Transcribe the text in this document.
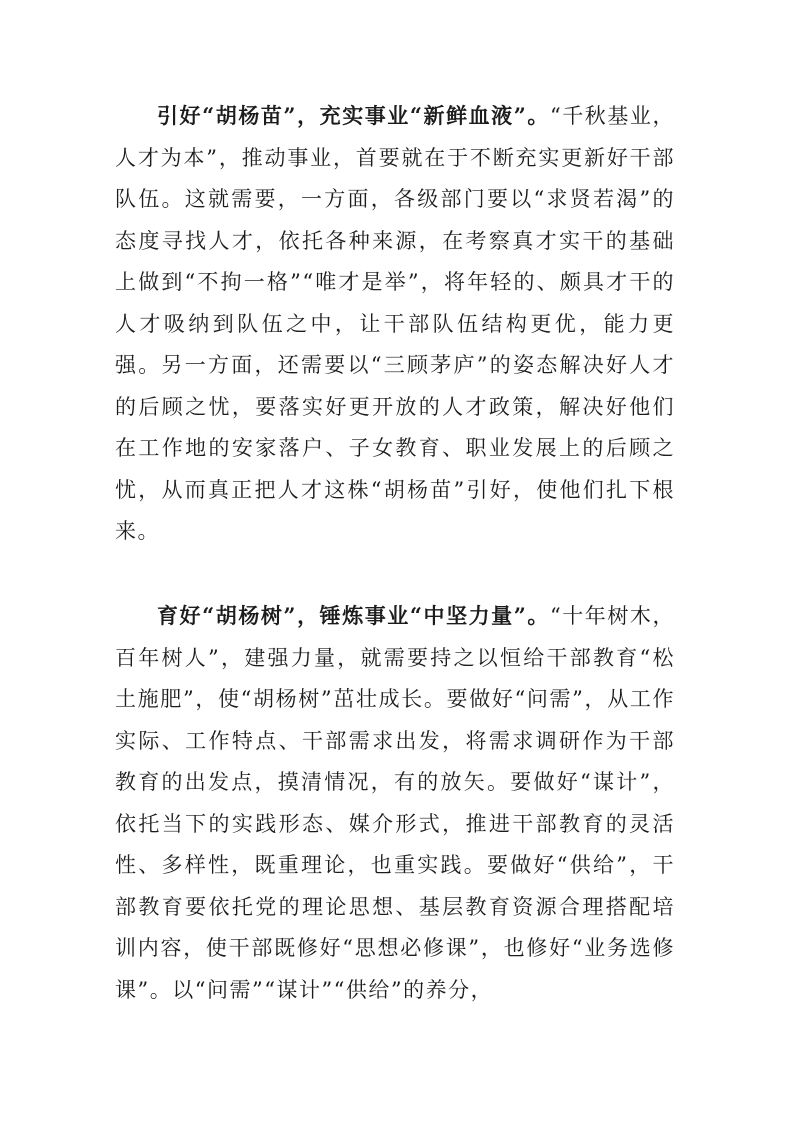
引好“胡杨苗”，充实事业“新鲜血液”。“千秋基业，人才为本”，推动事业，首要就在于不断充实更新好干部队伍。这就需要，一方面，各级部门要以“求贤若渴”的态度寻找人才，依托各种来源，在考察真才实干的基础上做到“不拘一格”“唯才是举”，将年轻的、颇具才干的人才吸纳到队伍之中，让干部队伍结构更优，能力更强。另一方面，还需要以“三顾茅庐”的姿态解决好人才的后顾之忧，要落实好更开放的人才政策，解决好他们在工作地的安家落户、子女教育、职业发展上的后顾之忧，从而真正把人才这株“胡杨苗”引好，使他们扎下根来。

育好“胡杨树”，锤炼事业“中坚力量”。“十年树木，百年树人”，建强力量，就需要持之以恒给干部教育“松土施肥”，使“胡杨树”茁壮成长。要做好“问需”，从工作实际、工作特点、干部需求出发，将需求调研作为干部教育的出发点，摸清情况，有的放矢。要做好“谋计”，依托当下的实践形态、媒介形式，推进干部教育的灵活性、多样性，既重理论，也重实践。要做好“供给”，干部教育要依托党的理论思想、基层教育资源合理搭配培训内容，使干部既修好“思想必修课”，也修好“业务选修课”。以“问需”“谋计”“供给”的养分，
